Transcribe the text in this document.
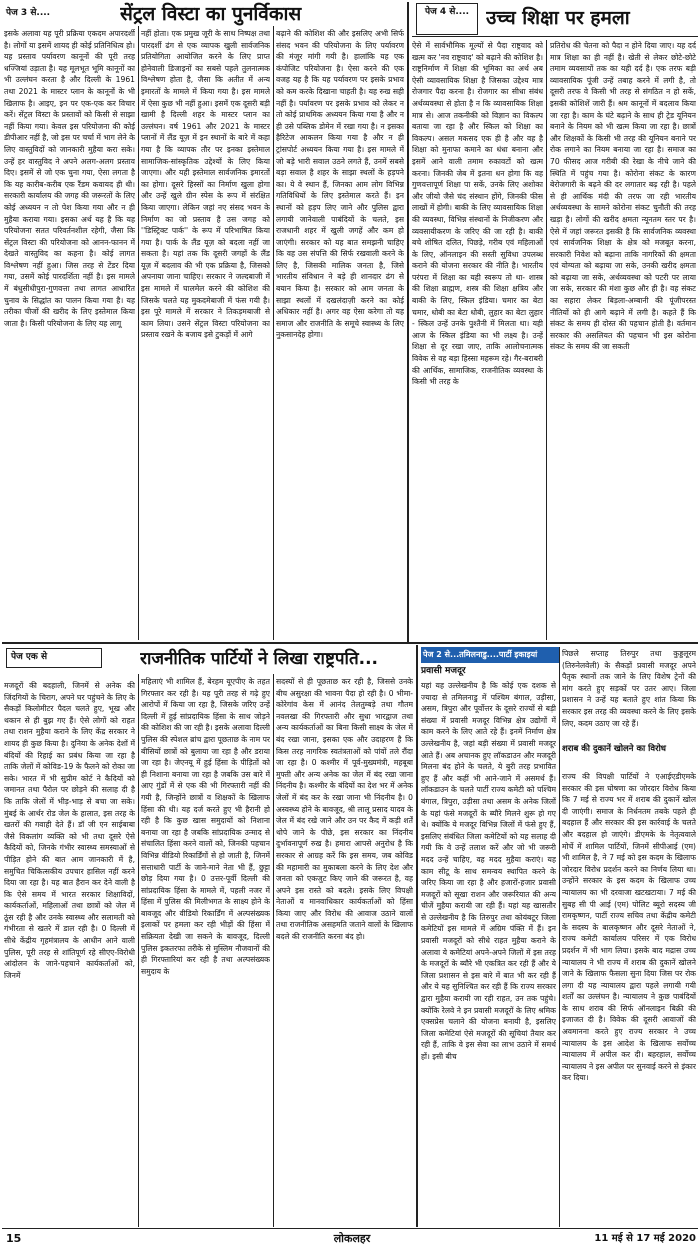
पेज 3 से....	सेंट्रल विस्टा का पुनर्विकास
इसके अलावा यह पूरी प्रक्रिया एकदम अपारदर्शी है। लोगों या इसमें शायद ही कोई प्रतिनिधित्व हो। यह प्रस्ताव पर्यावरण कानूनों की पूरी तरह धज्जियां उड़ाता है। यह मूलभूत भूमि कानूनों का भी उल्लंघन करता है और दिल्ली के 1961 तथा 2021 के मास्टर प्लान के कानूनों के भी खिलाफ है। आइए, इन पर एक-एक कर विचार करें। सेंट्रल विस्टा के प्रस्तावों को किसी से साझा नहीं किया गया। केवल इस परियोजना की कोई डीपीआर नहीं है, जो इस पर चर्चा में भाग लेने के लिए वास्तुविदों को जानकारी मुहैया करा सके। उन्हें हर वास्तुविद ने अपने अलग-अलग प्रस्ताव दिए। इसमें से जो एक चुना गया, ऐसा लगता है कि यह कारीब-करीब एक रैंडम कवायद ही थी। सरकारी कार्यालय की जगह की जरूरतों के लिए कोई अध्ययन न तो पेश किया गया और न ही मुहैया कराया गया। इसका अर्थ यह है कि यह परियोजना सतत परिवर्तनशील रहेगी, जैसा कि सेंट्रल विस्टा की परियोजना को आनन-फानन में देखते वास्तुविद का कहना है। कोई लागत विश्लेषण नहीं हुआ। जिस तरह से टेंडर दिया गया, उसमें कोई पारदर्शिता नहीं है। इस मामले में बंधुसीधीपुरा-गुणवत्ता तथा लागत आधारित चुनाव के सिद्धांत का पालन किया गया है। यह तरीका चीजों की खरीद के लिए इस्तेमाल किया जाता है। किसी परियोजना के लिए यह लागू
नहीं होता। एक प्रमुख जूरी के साथ निष्पक्ष तथा पारदर्शी ढंग से एक व्यापक खुली सार्वजनिक प्रतियोगिता आयोजित करने के लिए प्राप्त होनेवाली डिजाइनों का सबसे पहले तुलनात्मक विश्लेषण होता है, जैसा कि अतीत में अन्य इमारतों के मामले में किया गया है। इस मामले में ऐसा कुछ भी नहीं हुआ। इसमें एक दूसरी बड़ी खामी है दिल्ली शहर के मास्टर प्लान का उल्लंघन। वर्ष 1961 और 2021 के मास्टर प्लानों में लैंड यूज़ में इन स्थानों के बारे में कहा गया है कि व्यापक तौर पर इनका इस्तेमाल सामाजिक-सांस्कृतिक उद्देश्यों के लिए किया जाएगा। और यही इस्तेमाल सार्वजनिक इमारतों का होगा। दूसरे हिस्सों का निर्माण खुला होगा और उन्हें खुले ग्रीन स्पेस के रूप में संरक्षित किया जाएगा। लेकिन जहां नए संसद भवन के निर्माण का जो प्रस्ताव है उस जगह को ''डिस्ट्रिक्ट पार्क'' के रूप में परिभाषित किया गया है। पार्क के लैंड यूज़ को बदला नहीं जा सकता है। यहां तक कि दूसरी जगहों के लैंड यूज़ में बदलाव की भी एक प्रक्रिया है, जिसको अपनाया जाना चाहिए। सरकार ने जल्दबाजी में इस मामले में घालमेल करने की कोशिश की जिसके चलते यह मुकदमेबाजी में फंस गयी है। इस पूरे मामले में सरकार ने तिकड़मबाजी से काम लिया। उसने सेंट्रल विस्टा परियोजना का प्रस्ताव रखने के बजाय इसे टुकड़ों में आगे
बढ़ाने की कोशिश की और इसलिए अभी सिर्फ संसद भवन की परियोजना के लिए पर्यावरण की मंजूर मांगी गयी है। हालांकि यह एक कंपोजिट परियोजना है। ऐसा करने की एक वजह यह है कि यह पर्यावरण पर इसके प्रभाव को कम करके दिखाना चाहती है। यह रुख सही नहीं है। पर्यावरण पर इसके प्रभाव को लेकर न तो कोई प्राथमिक अध्ययन किया गया है और न ही उसे पब्लिक डोमेन में रखा गया है। न इसका हैरिटेज आकलन किया गया है और न ही ट्रांसपोर्ट अध्ययन किया गया है। इस मामले में जो बड़े भारी सवाल उठने लगते हैं, उनमें सबसे बड़ा सवाल है शहर के साझा स्थलों के हड़पने का। ये वे स्थान हैं, जिनका आम लोग विभिन्न गतिविधियों के लिए इस्तेमाल करते हैं। इन स्थानों को हड़प लिए जाने और पुलिस द्वारा लगायी जानेवाली पाबंदियों के चलते, इस राजधानी शहर में खुली जगहें और कम हो जाएंगी। सरकार को यह बात समझनी चाहिए कि वह उस संपत्ति की सिर्फ रखवाली करने के लिए है, जिसकी मालिक जनता है, जिसे भारतीय संविधान ने बड़े ही शानदार ढंग से बयान किया है। सरकार को आम जनता के साझा स्थलों में दखलंदाज़ी करने का कोई अधिकार नहीं है। अगर वह ऐसा करेगा तो यह समाज और राजनीति के समूचे स्वास्थ्य के लिए नुकसानदेह होगा।
पेज 4 से.... उच्च शिक्षा पर हमला
ऐसे में सार्वभौमिक मूल्यों से पैदा राष्ट्रवाद को खत्म कर 'नव राष्ट्रवाद' को बढ़ाने की कोशिश है। राष्ट्रनिर्माण में शिक्षा की भूमिका का अर्थ अब ऐसी व्यावसायिक शिक्षा है जिसका उद्देश्य मात्र रोजगार पैदा करना है। रोजगार का सीधा संबंध अर्थव्यवस्था से होता है न कि व्यावसायिक शिक्षा मात्र से। आज तकनीकी को विज्ञान का विकल्प बताया जा रहा है और स्किल को शिक्षा का विकल्प। असल मकसद एक ही है और वह है शिक्षा को मुनाफा कमाने का धंधा बनाना और इसमें आने वाली तमाम रुकावटों को खत्म करना। जिनकी जेब में इतना धन होगा कि वह गुणवत्तापूर्ण शिक्षा पा सकें, उनके लिए अशोका और जीयो जैसे चंद संस्थान होंगे, जिनकी फीस लाखों में होगी। बाकी के लिए व्यावसायिक शिक्षा की व्यवस्था, विभिन्न संस्थानों के निजीकरण और व्यवसायीकरण के जरिए की जा रही है। बाकी बचे शोषित दलित, पिछड़े, गरीब एवं महिलाओं के लिए, ऑनलाइन की सस्ती सुविधा उपलब्ध कराने की योजना सरकार की नीति है। भारतीय परंपरा में शिक्षा का यही स्वरूप तो था- शास्त्र की शिक्षा ब्राह्मण, शस्त्र की शिक्षा क्षत्रिय और बाकी के लिए, स्किल इंडिया। चमार का बेटा चमार, धोबी का बेटा धोबी, लुहार का बेटा लुहार - स्किल उन्हें उनके पुश्तैनी में मिलता था। यही आज के स्किल इंडिया का भी लक्ष्य है। उन्हें शिक्षा से दूर रखा जाए, ताकि आलोचनात्मक विवेक से वह बड़ा हिस्सा महरूम रहे। गैर-बराबरी की आर्थिक, सामाजिक, राजनीतिक व्यवस्था के किसी भी तरह के
प्रतिरोध की चेतना को पैदा न होने दिया जाए। यह दर्द मात्र शिक्षा का ही नहीं है। खेती से लेकर छोटे-छोटे तमाम व्यवसायों तक का यही दर्द है। एक तरफ बड़ी व्यावसायिक पूंजी उन्हें तबाह करने में लगी है, तो दूसरी तरफ वे किसी भी तरह से संगठित न हो सकें, इसकी कोशिशें जारी हैं। श्रम कानूनों में बदलाव किया जा रहा है। काम के घंटे बढ़ाने के साथ ही ट्रेड यूनियन बनाने के नियम को भी खत्म किया जा रहा है। छात्रों और शिक्षकों के किसी भी तरह की यूनियन बनाने पर रोक लगाने का नियम बनाया जा रहा है। समाज का 70 फीसद आज गरीबी की रेखा के नीचे जाने की स्थिति में पहुंच गया है। कोरोना संकट के कारण बेरोजगारी के बढ़ने की दर लगातार बढ़ रही है। पहले से ही आर्थिक मंदी की तरफ जा रही भारतीय अर्थव्यवस्था के सामने कोरोना संकट चुनौती की तरह खड़ा है। लोगों की खरीद क्षमता न्यूनतम स्तर पर है। ऐसे में जहां जरूरत इसकी है कि सार्वजनिक व्यवस्था एवं सार्वजनिक शिक्षा के क्षेत्र को मजबूत करना, सरकारी निवेश को बढ़ाना ताकि नागरिकों की क्षमता एवं योग्यता को बढ़ाया जा सके, उनकी खरीद क्षमता को बढ़ाया जा सके, अर्थव्यवस्था को पटरी पर लाया जा सके, सरकार की मंशा कुछ और ही है। वह संकट का सहारा लेकर बिड़ला-अम्बानी की पूंजीपरस्त नीतियों को ही आगे बढ़ाने में लगी है। कहते हैं कि संकट के समय ही दोस्त की पहचान होती है। वर्तमान सरकार की असलियत की पहचान भी इस कोरोना संकट के समय की जा सकती
पेज एक से	राजनीतिक पार्टियों ने लिखा राष्ट्रपति...
मजदूरों की बदहाली, जिनमें से अनेक की जिंदगियों के चिराग, अपने घर पहुंचने के लिए के सैकड़ों किलोमीटर पैदल चलते हुए, भूख और थकान से ही बुझ गए हैं। ऐसे लोगों को राहत तथा राशन मुहैया कराने के लिए केंद्र सरकार ने शायद ही कुछ किया है। दुनिया के अनेक देशों में बंदियों की रिहाई का प्रबंध किया जा रहा है ताकि जेलों में कोविड-19 के फैलने को रोका जा सके। भारत में भी सुप्रीम कोर्ट ने कैदियों को जमानत तथा पैरोल पर छोड़ने की सलाह दी है कि ताकि जेलों में भीड़-भाड़ से बचा जा सके। मुंबई के आर्थर रोड जेल के हालात, इस तरह के खतरों की गवाही देते हैं। डॉ जी एन साईबाबा जैसे विकलांग व्यक्ति को भी तथा दूसरे ऐसे कैदियों को, जिनके गंभीर स्वास्थ्य समस्याओं से पीड़ित होने की बात आम जानकारी में है, समुचित चिकित्सकीय उपचार हासिल नहीं करने दिया जा रहा है। यह बात हैरान कर देने वाली है कि ऐसे समय में भारत सरकार शिक्षाविदों, कार्यकर्ताओं, महिलाओं तथा छात्रों को जेल में ठूंस रही है और उनके स्वास्थ्य और सलामती को गंभीरता से खतरे में डाल रही है। 0 दिल्ली में सीधे केंद्रीय गृहमंत्रालय के आधीन आने वाली पुलिस, पूरी तरह से शांतिपूर्ण रहे सीएए-विरोधी आंदोलन के जाने-पहचाने कार्यकर्ताओं को, जिनमें
महिलाएं भी शामिल हैं, बेरहम यूएपीए के तहत गिरफ्तार कर रही है। यह पूरी तरह से गढ़े हुए आरोपों में किया जा रहा है, जिसके जरिए उन्हें दिल्ली में हुई सांप्रदायिक हिंसा के साथ जोड़ने की कोशिश की जा रही है। इसके अलावा दिल्ली पुलिस की स्पेशल ब्रांच द्वारा पूछताछ के नाम पर बीसियों छात्रों को बुलाया जा रहा है और डराया जा रहा है। जेएनयू में हुई हिंसा के पीड़ितों को ही निशाना बनाया जा रहा है जबकि उस बारे में आए गुंडों में से एक की भी गिरफ्तारी नहीं की गयी है, जिन्होंने छात्रों व शिक्षकों के खिलाफ हिंसा की थी। यह दर्ज करते हुए भी हैरानी हो रही है कि कुछ खास समुदायों को निशाना बनाया जा रहा है जबकि सांप्रदायिक उन्माद से संचालित हिंसा करने वालों को, जिनकी पहचान विभिन्न वीडियो रिकार्डिंगों से हो जाती है, जिनमें सत्ताधारी पार्टी के जाने-माने नेता भी हैं, छुट्टा छोड़ दिया गया है। 0 उत्तर-पूर्वी दिल्ली की सांप्रदायिक हिंसा के मामले में, पहली नजर में हिंसा में पुलिस की मिलीभगत के साक्ष्य होने के बावजूद और वीडियो रिकार्डिंग में अल्पसंख्यक इलाकों पर हमला कर रही भीड़ों की हिंसा में सक्रियता देखी जा सकने के बावजूद, दिल्ली पुलिस इकतरफा तरीके से मुस्लिम नौजवानों की ही गिरफ्तारियां कर रही है तथा अल्पसंख्यक समुदाय के
सदस्यों से ही पूछताछ कर रही है, जिससे उनके बीच असुरक्षा की भावना पैदा हो रही है। 0 भीमा-कोरेगांव केस में आनंद तेलतुम्बड़े तथा गौतम नवलखा की गिरफ्तारी और सुधा भारद्वाज तथा अन्य कार्यकर्ताओं का बिना किसी साक्ष्य के जेल में बंद रखा जाना, इसका एक और उदाहरण है कि किस तरह नागरिक स्वतंत्रताओं को पांवों तले रौंदा जा रहा है। 0 कश्मीर में पूर्व-मुख्यमंत्री, महबूबा मुफ्ती और अन्य अनेक का जेल में बंद रखा जाना निंदनीय है। कश्मीर के बंदियों का देश भर में अनेक जेलों में बंद कर के रखा जाना भी निंदनीय है। 0 अस्वस्थ्य होने के बावजूद, श्री लालू प्रसाद यादव के जेल में बंद रखे जाने और उन पर कैद में कड़ी शर्तें थोपे जाने के पीछे, इस सरकार का निंदनीय दुर्भावनापूर्ण रुख है। हमारा आपसे अनुरोध है कि सरकार से आग्रह करें कि इस समय, जब कोविड की महामारी का मुकाबला करने के लिए देश और जनता को एकजुट किए जाने की जरूरत है, वह अपने इस रास्ते को बदले। इसके लिए विपक्षी नेताओं व मानवाधिकार कार्यकर्ताओं को हिंसा किया जाए और विरोध की आवाज उठाने वालों तथा राजनीतिक असहमति जताने वालों के खिलाफ बदले की राजनीति करना बंद हो।
पेज 2 से...तमिलनाडु....पार्टी इकाइयां
प्रवासी मजदूर
यहां यह उल्लेखनीय है कि कोई एक दशक से ज्यादा से तमिलनाडु में पश्चिम बंगाल, उड़ीसा, असम, त्रिपुरा और पूर्वोत्तर के दूसरे राज्यों से बड़ी संख्या में प्रवासी मजदूर विभिन्न क्षेत्र उद्योगों में काम करने के लिए आते रहे हैं। इनमें निर्माण क्षेत्र उल्लेखनीय है, जहां बड़ी संख्या में प्रवासी मजदूर आते हैं। अब अचानक हुए लॉकडाउन और मजदूरी मिलना बंद होने के चलते, ये बुरी तरह प्रभावित हुए हैं और कहीं भी आने-जाने में असमर्थ हैं। लॉकडाउन के चलते पार्टी राज्य कमेटी को पश्चिम बंगाल, त्रिपुरा, उड़ीसा तथा असम के अनेक जिलों के यहां फंसे मजदूरों के ब्यौरे मिलने शुरू हो गए थे। क्योंकि ये मजदूर विभिन्न जिलों में फंसे हुए हैं, इसलिए संबंधित जिला कमेटियों को यह सलाह दी गयी कि वे उन्हें तलाश करें और जो भी जरूरी मदद उन्हें चाहिए, वह मदद मुहैया कराएं। यह काम सीटू के साथ समन्वय स्थापित करने के जरिए किया जा रहा है और हजारों-हजार प्रवासी मजदूरों को सूखा राशन और जरूरियात की अन्य चीजें मुहैया करायी जा रही हैं। यहां यह खासतौर से उल्लेखनीय है कि तिरुपुर तथा कोयंबटूर जिला कमेटियों इस मामले में अग्रिम पंक्ति में हैं। इन प्रवासी मजदूरों को सीधे राहत मुहैया कराने के अलावा ये कमेटियां अपने-अपने जिलों में इस तरह के मजदूरों के ब्यौरे भी एकत्रित कर रही हैं और ये जिला प्रशासन से इस बारे में बात भी कर रही हैं और ये यह सुनिश्चित कर रही हैं कि राज्य सरकार द्वारा मुहैया करायी जा रही राहत, उन तक पहुंचे। क्योंकि रेलवे ने इन प्रवासी मजदूरों के लिए श्रमिक एक्सप्रेस चलाने की योजना बनायी है, इसलिए जिला कमेटियां ऐसे मजदूरों की सूचियां तैयार कर रही हैं, ताकि वे इस सेवा का लाभ उठाने में समर्थ हों। इसी बीच
पिछले सप्ताह तिरुपुर तथा कुड्डलूरम (तिरुनेलवेली) के सैकड़ों प्रवासी मजदूर अपने पैतृक स्थानों तक जाने के लिए विशेष ट्रेनों की मांग करते हुए सड़कों पर उतर आए। जिला प्रशासन ने उन्हें यह बताते हुए शांत किया कि सरकार इस तरह की व्यवस्था करने के लिए इसके लिए, कदम उठाए जा रहे हैं।
शराब की दुकानें खोलने का विरोध
राज्य की विपक्षी पार्टियों ने एआईएडीएमके सरकार की इस घोषणा का जोरदार विरोध किया कि 7 मई से राज्य भर में शराब की दुकानें खोल दी जाएंगी। समाज के निर्धनतम तबके पहले ही बदहाल हैं और सरकार की इस कार्रवाई के चलते और बदहाल हो जाएंगे। डीएमके के नेतृत्ववाले मोर्चे में शामिल पार्टियों, जिनमें सीपीआई (एम) भी शामिल है, ने 7 मई को इस कदम के खिलाफ जोरदार विरोध प्रदर्शन करने का निर्णय लिया था। उन्होंने सरकार के इस कदम के खिलाफ उच्च न्यायालय का भी दरवाजा खटखटाया। 7 मई की सुबह सी पी आई (एम) पोलिट ब्यूरो सदस्य जी रामकृष्णन, पार्टी राज्य सचिव तथा केंद्रीय कमेटी के सदस्य के बालकृष्णन और दूसरे नेताओं ने, राज्य कमेटी कार्यालय परिसर में एक विरोध प्रदर्शन में भी भाग लिया। इसके बाद मद्रास उच्च न्यायालय ने भी राज्य में शराब की दुकानें खोलने जाने के खिलाफ फैसला सुना दिया जिस पर रोक लगा दी यह न्यायालय द्वारा पहले लगायी गयी शर्तों का उल्लंघन है। न्यायालय ने कुछ पाबंदियों के साथ शराब की सिर्फ ऑनलाइन बिक्री की इजाजत दी है। विवेक की दूसरी आवाजों की अवमानना करते हुए राज्य सरकार ने उच्च न्यायालय के इस आदेश के खिलाफ सर्वोच्च न्यायालय में अपील कर दी। बहरहाल, सर्वोच्च न्यायालय ने इस अपील पर सुनवाई करने से इंकार कर दिया।
15	लोकलहर	11 मई से 17 मई 2020
